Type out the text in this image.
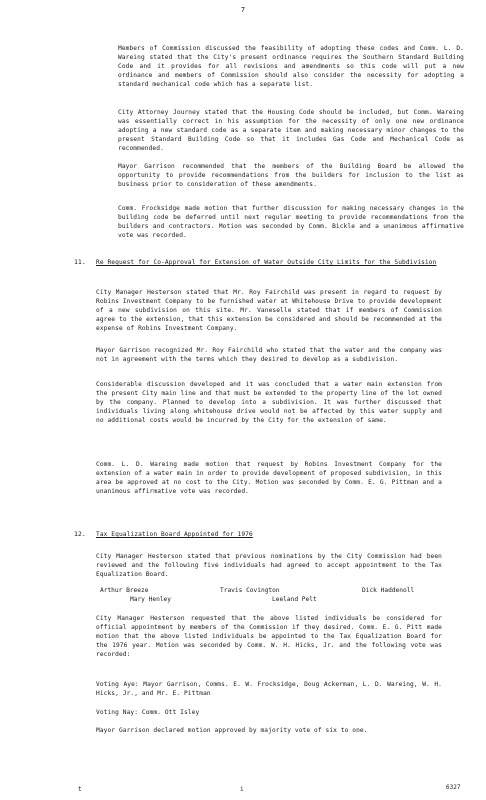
7
Members of Commission discussed the feasibility of adopting these codes and Comm. L. D. Wareing stated that the City's present ordinance requires the Southern Standard Building Code and it provides for all revisions and amendments so this code will put a new ordinance and members of Commission should also consider the necessity for adopting a standard mechanical code which has a separate list.
City Attorney Journey stated that the Housing Code should be included, but Comm. Wareing was essentially correct in his assumption for the necessity of only one new ordinance adopting a new standard code as a separate item and making necessary minor changes to the present Standard Building Code so that it includes Gas Code and Mechanical Code as recommended.
Mayor Garrison recommended that the members of the Building Board be allowed the opportunity to provide recommendations from the builders for inclusion to the list as business prior to consideration of these amendments.
Comm. Frocksidge made motion that further discussion for making necessary changes in the building code be deferred until next regular meeting to provide recommendations from the builders and contractors. Motion was seconded by Comm. Bickle and a unanimous affirmative vote was recorded.
11. Re Request for Co-Approval for Extension of Water Outside City Limits for the Subdivision
City Manager Hesterson stated that Mr. Roy Fairchild was present in regard to request by Robins Investment Company to be furnished water at Whitehouse Drive to provide development of a new subdivision on this site. Mr. Vaneselle stated that if members of Commission agree to the extension, that this extension be considered and should be recommended at the expense of Robins Investment Company.
Mayor Garrison recognized Mr. Roy Fairchild who stated that the water and the company was not in agreement with the terms which they desired to develop as a subdivision.
Considerable discussion developed and it was concluded that a water main extension from the present City main line and that must be extended to the property line of the lot owned by the company. Planned to develop into a subdivision. It was further discussed that individuals living along whitehouse drive would not be affected by this water supply and no additional costs would be incurred by the City for the extension of same.
Comm. L. D. Wareing made motion that request by Robins Investment Company for the extension of a water main in order to provide development of proposed subdivision, in this area be approved at no cost to the City. Motion was seconded by Comm. E. G. Pittman and a unanimous affirmative vote was recorded.
12. Tax Equalization Board Appointed for 1976
City Manager Hesterson stated that previous nominations by the City Commission had been reviewed and the following five individuals had agreed to accept appointment to the Tax Equalization Board.
Arthur Breeze	Travis Covington	Dick Haddenoll
Mary Henley	Leeland Pelt
City Manager Hesterson requested that the above listed individuals be considered for official appointment by members of the Commission if they desired. Comm. E. G. Pitt made motion that the above listed individuals be appointed to the Tax Equalization Board for the 1976 year. Motion was seconded by Comm. W. H. Hicks, Jr. and the following vote was recorded:
Voting Aye: Mayor Garrison, Comms. E. W. Frocksidge, Doug Ackerman, L. D. Wareing, W. H. Hicks, Jr., and Mr. E. Pittman
Voting Nay: Comm. Ott Isley
Mayor Garrison declared motion approved by majority vote of six to one.
t	i	6327
